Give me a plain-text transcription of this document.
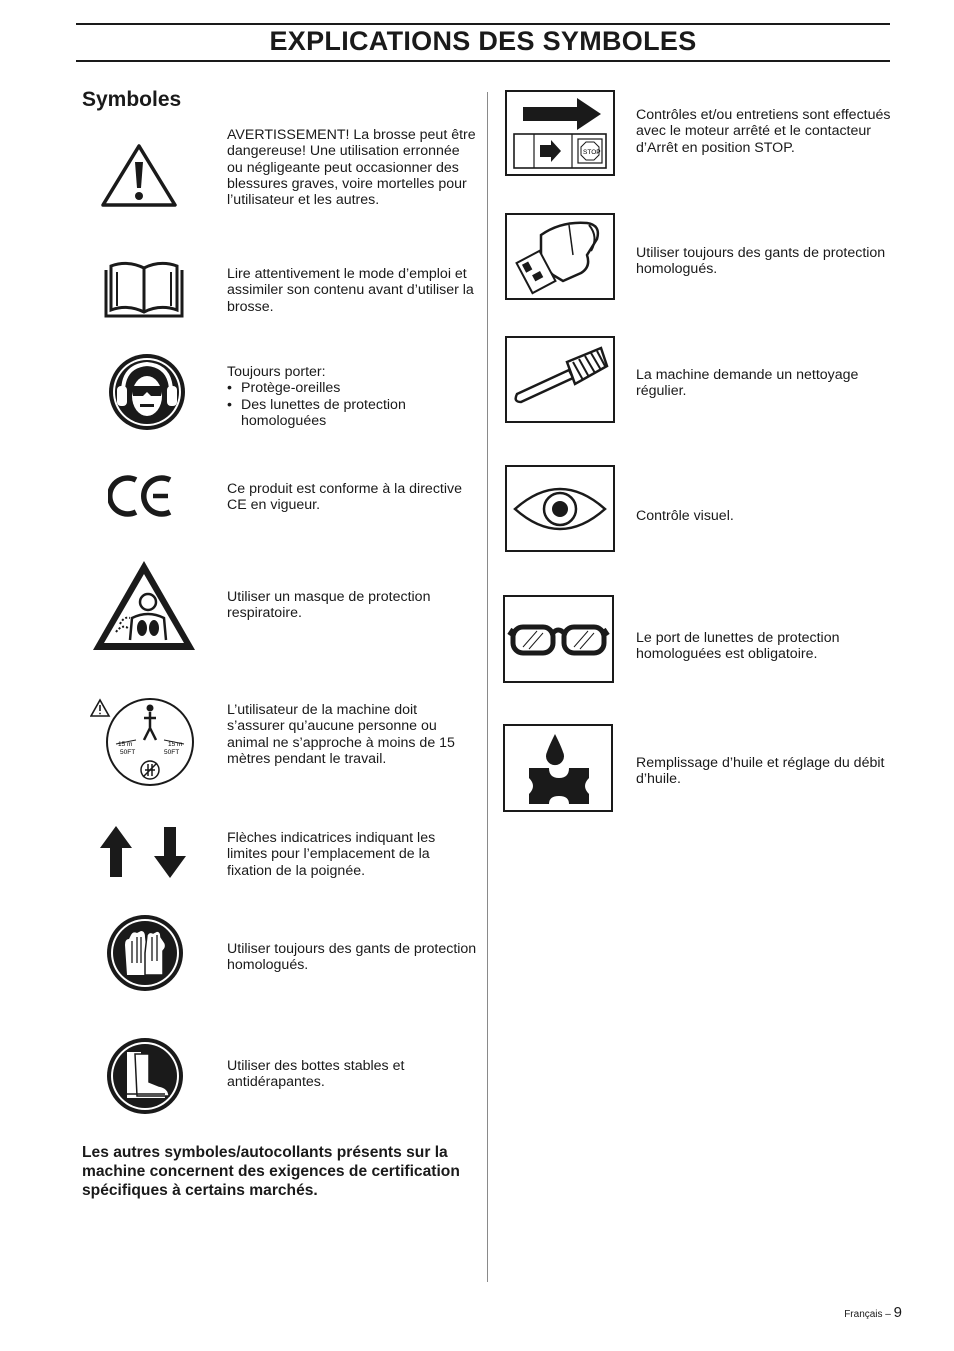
EXPLICATIONS DES SYMBOLES
Symboles
AVERTISSEMENT! La brosse peut être dangereuse! Une utilisation erronnée ou négligeante peut occasionner des blessures graves, voire mortelles pour l’utilisateur et les autres.
Lire attentivement le mode d’emploi et assimiler son contenu avant d’utiliser la brosse.
Toujours porter:
• Protège-oreilles
• Des lunettes de protection homologuées
Ce produit est conforme à la directive CE en vigueur.
Utiliser un masque de protection respiratoire.
15 m
50FT
15 m
50FT
L’utilisateur de la machine doit s’assurer qu’aucune personne ou animal ne s’approche à moins de 15 mètres pendant le travail.
Flèches indicatrices indiquant les limites pour l’emplacement de la fixation de la poignée.
Utiliser toujours des gants de protection homologués.
Utiliser des bottes stables et antidérapantes.
Les autres symboles/autocollants présents sur la machine concernent des exigences de certification spécifiques à certains marchés.
STOP
Contrôles et/ou entretiens sont effectués avec le moteur arrêté et le contacteur d’Arrêt en position STOP.
Utiliser toujours des gants de protection homologués.
La machine demande un nettoyage régulier.
Contrôle visuel.
Le port de lunettes de protection homologuées est obligatoire.
Remplissage d’huile et réglage du débit d’huile.
Français – 9
